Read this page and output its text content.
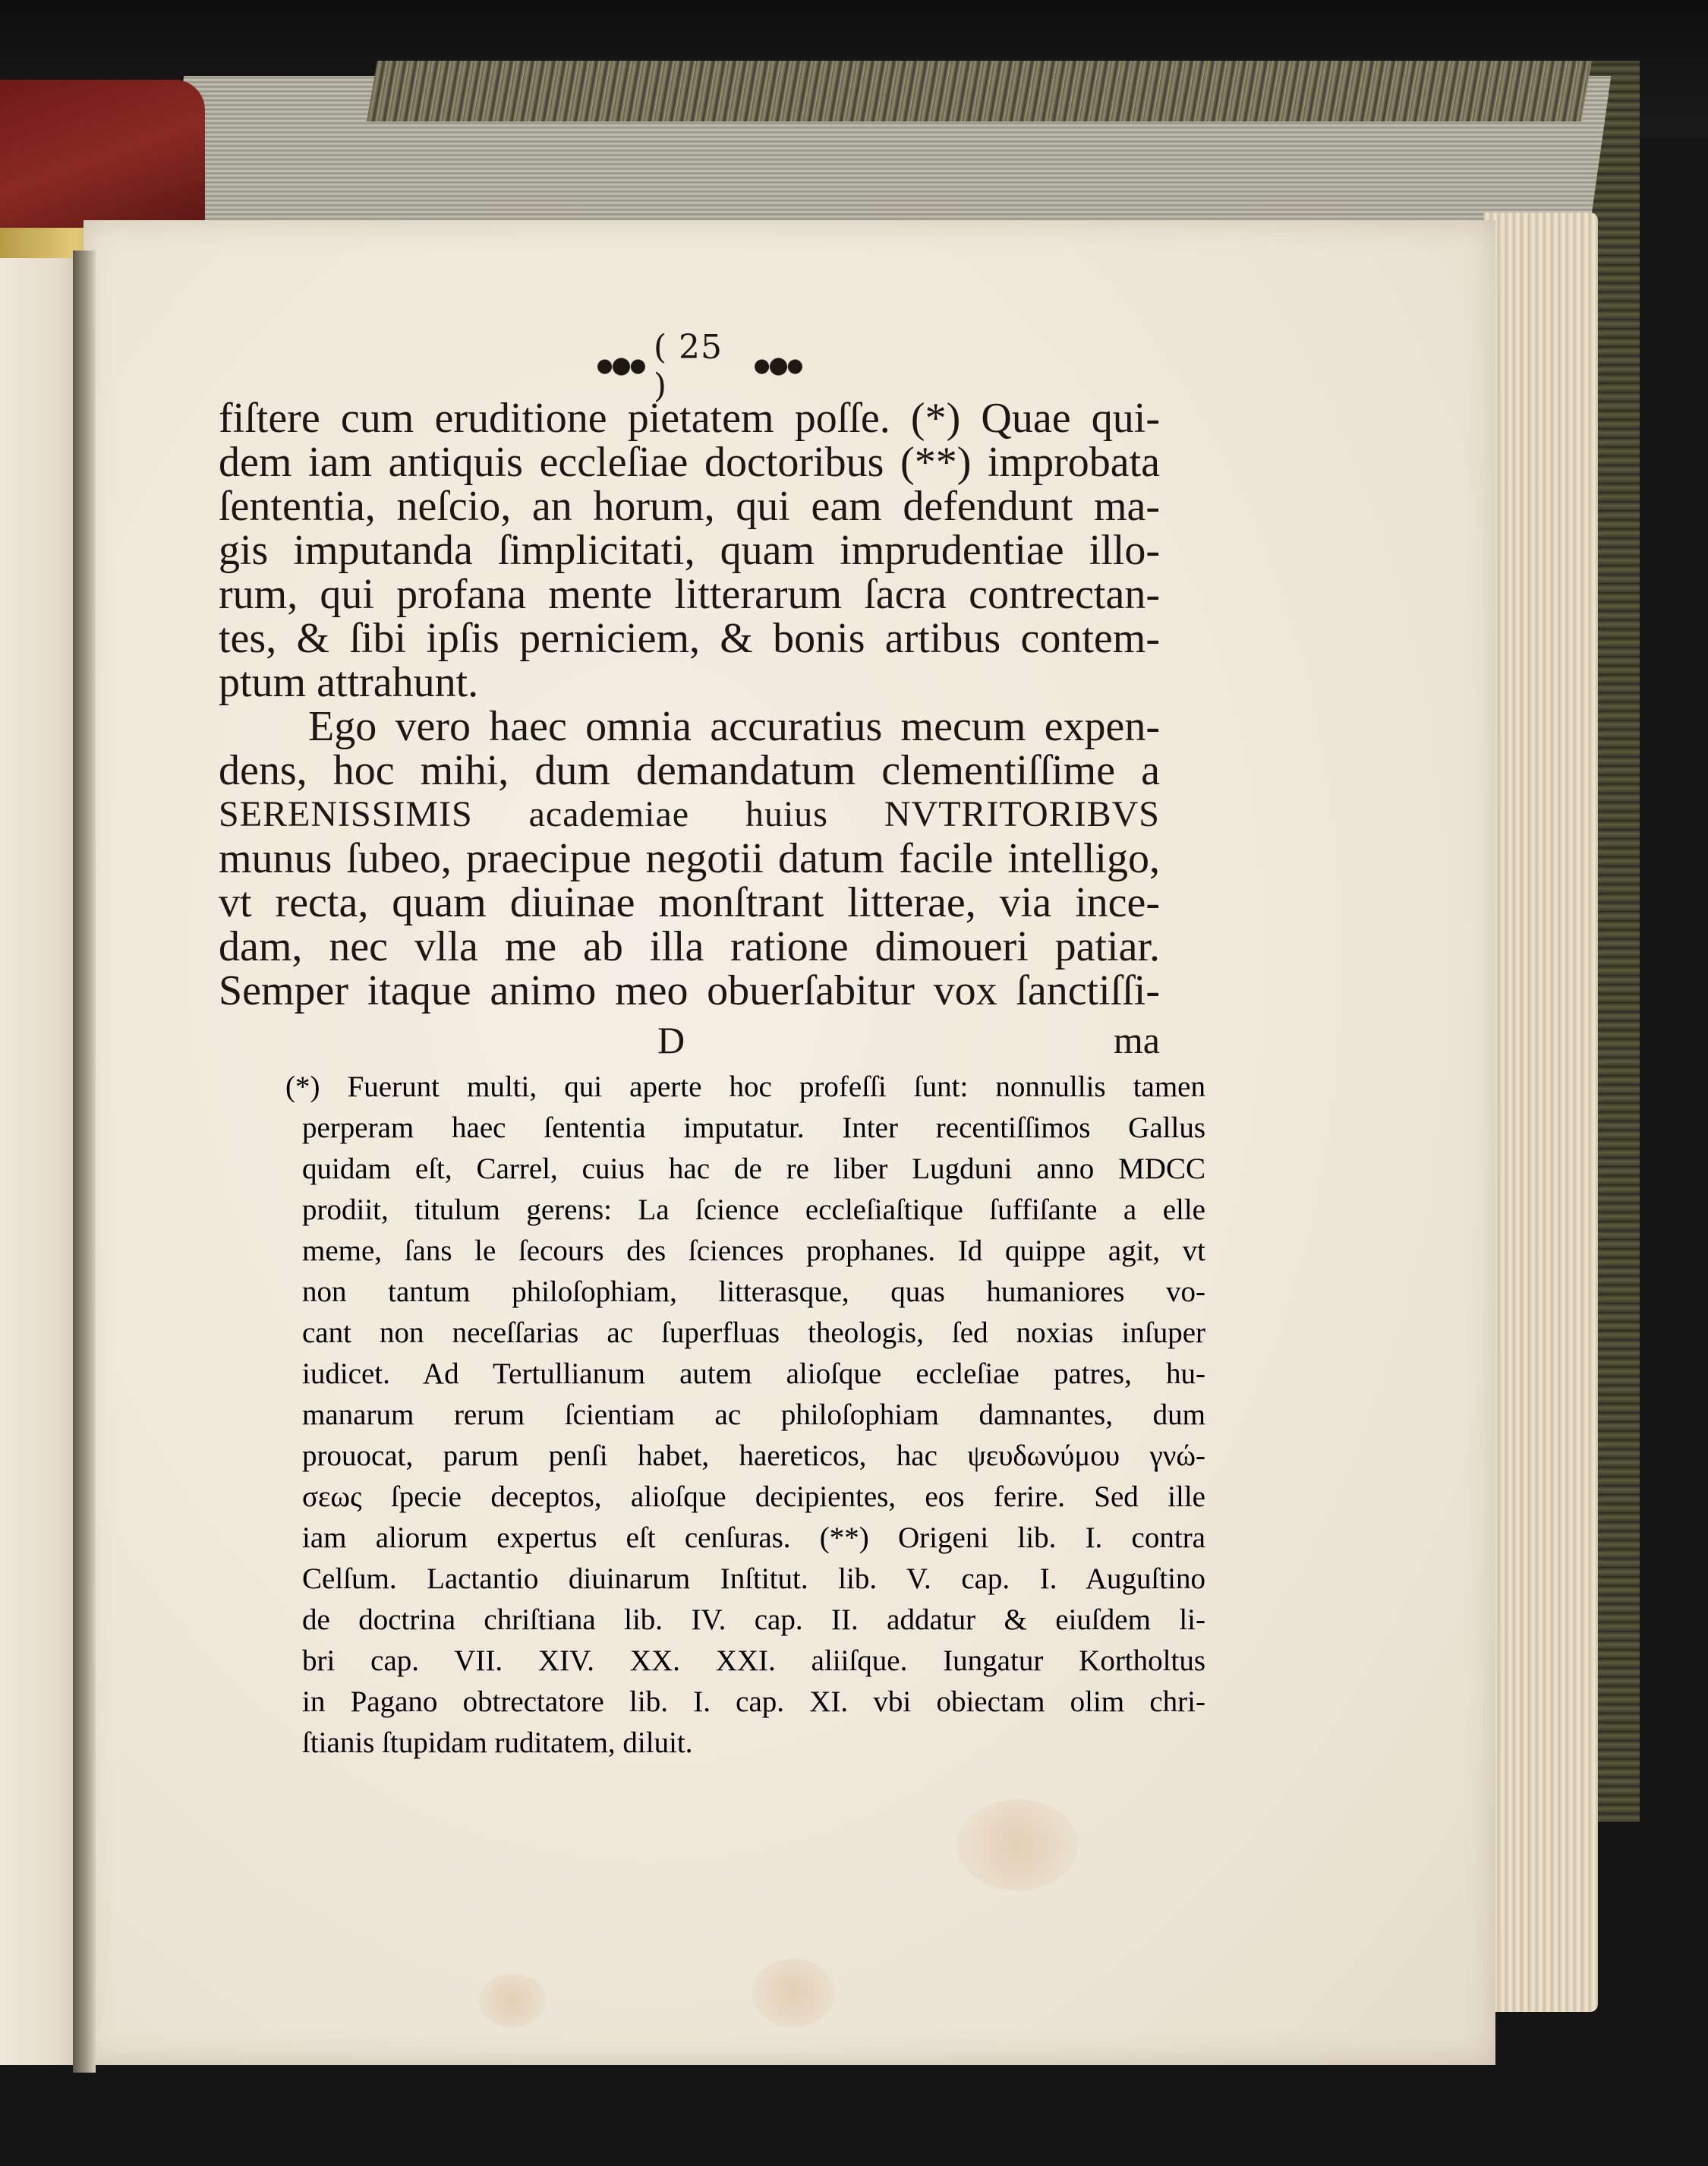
( 25 )
fiſtere cum eruditione pietatem poſſe. (*) Quae qui-
dem iam antiquis eccleſiae doctoribus (**) improbata
ſententia, neſcio, an horum, qui eam defendunt ma-
gis imputanda ſimplicitati, quam imprudentiae illo-
rum, qui profana mente litterarum ſacra contrectan-
tes, & ſibi ipſis perniciem, & bonis artibus contem-
ptum attrahunt.
Ego vero haec omnia accuratius mecum expen-
dens, hoc mihi, dum demandatum clementiſſime a
SERENISSIMIS academiae huius NVTRITORIBVS
munus ſubeo, praecipue negotii datum facile intelligo,
vt recta, quam diuinae monſtrant litterae, via ince-
dam, nec vlla me ab illa ratione dimoueri patiar.
Semper itaque animo meo obuerſabitur vox ſanctiſſi-
D	ma
(*) Fuerunt multi, qui aperte hoc profeſſi ſunt: nonnullis tamen
perperam haec ſententia imputatur. Inter recentiſſimos Gallus
quidam eſt, Carrel, cuius hac de re liber Lugduni anno MDCC
prodiit, titulum gerens: La ſcience eccleſiaſtique ſuffiſante a elle
meme, ſans le ſecours des ſciences prophanes. Id quippe agit, vt
non tantum philoſophiam, litterasque, quas humaniores vo-
cant non neceſſarias ac ſuperfluas theologis, ſed noxias inſuper
iudicet. Ad Tertullianum autem alioſque eccleſiae patres, hu-
manarum rerum ſcientiam ac philoſophiam damnantes, dum
prouocat, parum penſi habet, haereticos, hac ψευδωνύμου γνώ-
σεως ſpecie deceptos, alioſque decipientes, eos ferire. Sed ille
iam aliorum expertus eſt cenſuras. (**) Origeni lib. I. contra
Celſum. Lactantio diuinarum Inſtitut. lib. V. cap. I. Auguſtino
de doctrina chriſtiana lib. IV. cap. II. addatur & eiuſdem li-
bri cap. VII. XIV. XX. XXI. aliiſque. Iungatur Kortholtus
in Pagano obtrectatore lib. I. cap. XI. vbi obiectam olim chri-
ſtianis ſtupidam ruditatem, diluit.
